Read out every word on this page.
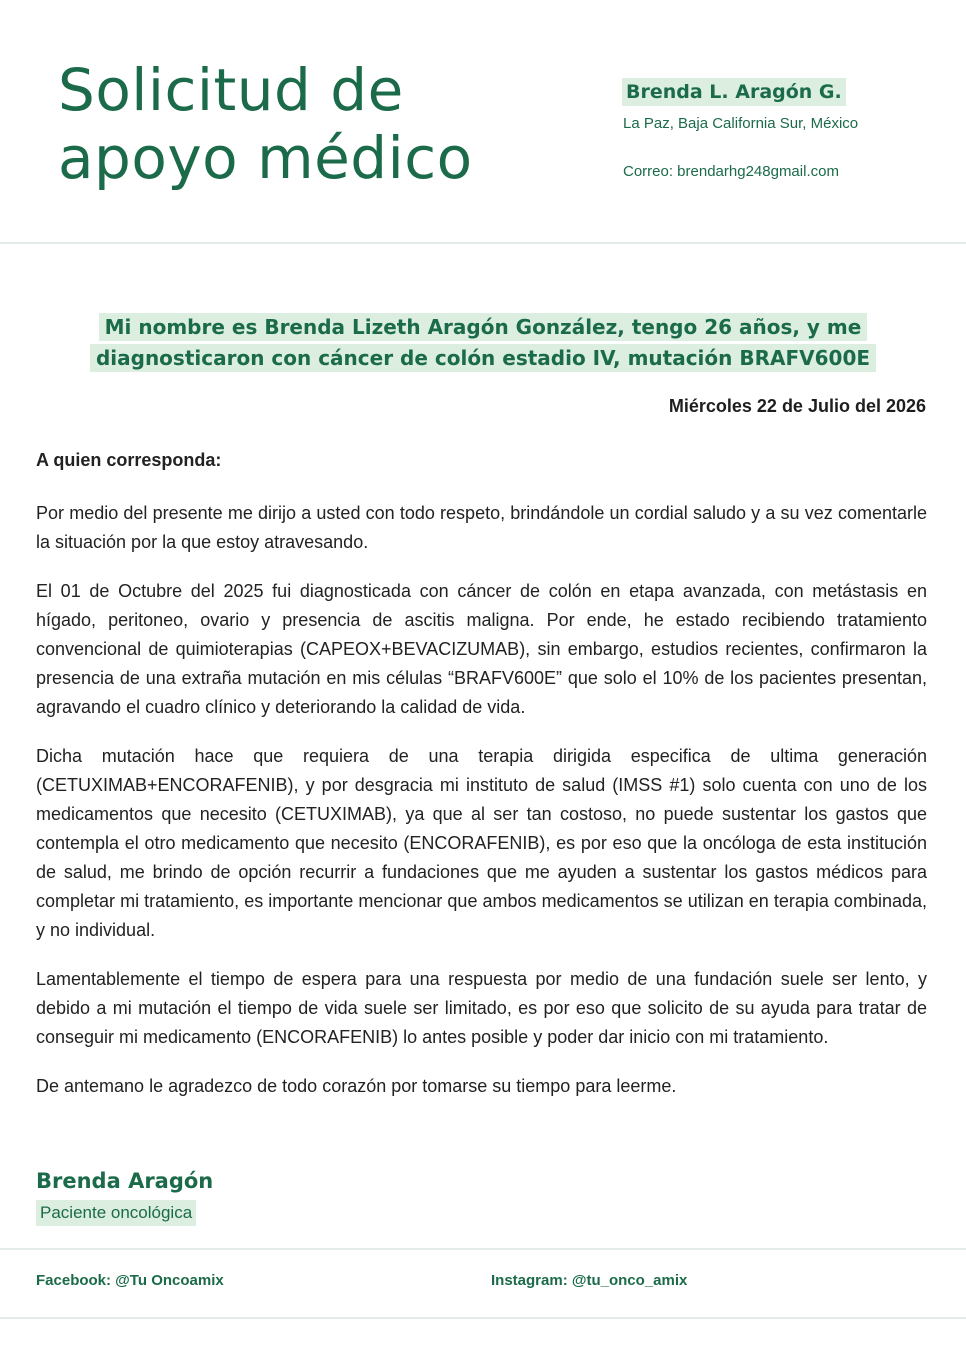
Solicitud de
apoyo médico
Brenda L. Aragón G.
La Paz, Baja California Sur, México
Correo: brendarhg248gmail.com
Mi nombre es Brenda Lizeth Aragón González, tengo 26 años, y me
diagnosticaron con cáncer de colón estadio IV, mutación BRAFV600E
Miércoles 22 de Julio del 2026

A quien corresponda:

Por medio del presente me dirijo a usted con todo respeto, brindándole un cordial saludo y a su vez comentarle la situación por la que estoy atravesando.

El 01 de Octubre del 2025 fui diagnosticada con cáncer de colón en etapa avanzada, con metástasis en hígado, peritoneo, ovario y presencia de ascitis maligna. Por ende, he estado recibiendo tratamiento convencional de quimioterapias (CAPEOX+BEVACIZUMAB), sin embargo, estudios recientes, confirmaron la presencia de una extraña mutación en mis células “BRAFV600E” que solo el 10% de los pacientes presentan, agravando el cuadro clínico y deteriorando la calidad de vida.

Dicha mutación hace que requiera de una terapia dirigida especifica de ultima generación (CETUXIMAB+ENCORAFENIB), y por desgracia mi instituto de salud (IMSS #1) solo cuenta con uno de los medicamentos que necesito (CETUXIMAB), ya que al ser tan costoso, no puede sustentar los gastos que contempla el otro medicamento que necesito (ENCORAFENIB), es por eso que la oncóloga de esta institución de salud, me brindo de opción recurrir a fundaciones que me ayuden a sustentar los gastos médicos para completar mi tratamiento, es importante mencionar que ambos medicamentos se utilizan en terapia combinada, y no individual.

Lamentablemente el tiempo de espera para una respuesta por medio de una fundación suele ser lento, y debido a mi mutación el tiempo de vida suele ser limitado, es por eso que solicito de su ayuda para tratar de conseguir mi medicamento (ENCORAFENIB) lo antes posible y poder dar inicio con mi tratamiento.

De antemano le agradezco de todo corazón por tomarse su tiempo para leerme.

Brenda Aragón
Paciente oncológica
Facebook: @Tu Oncoamix	Instagram: @tu_onco_amix
